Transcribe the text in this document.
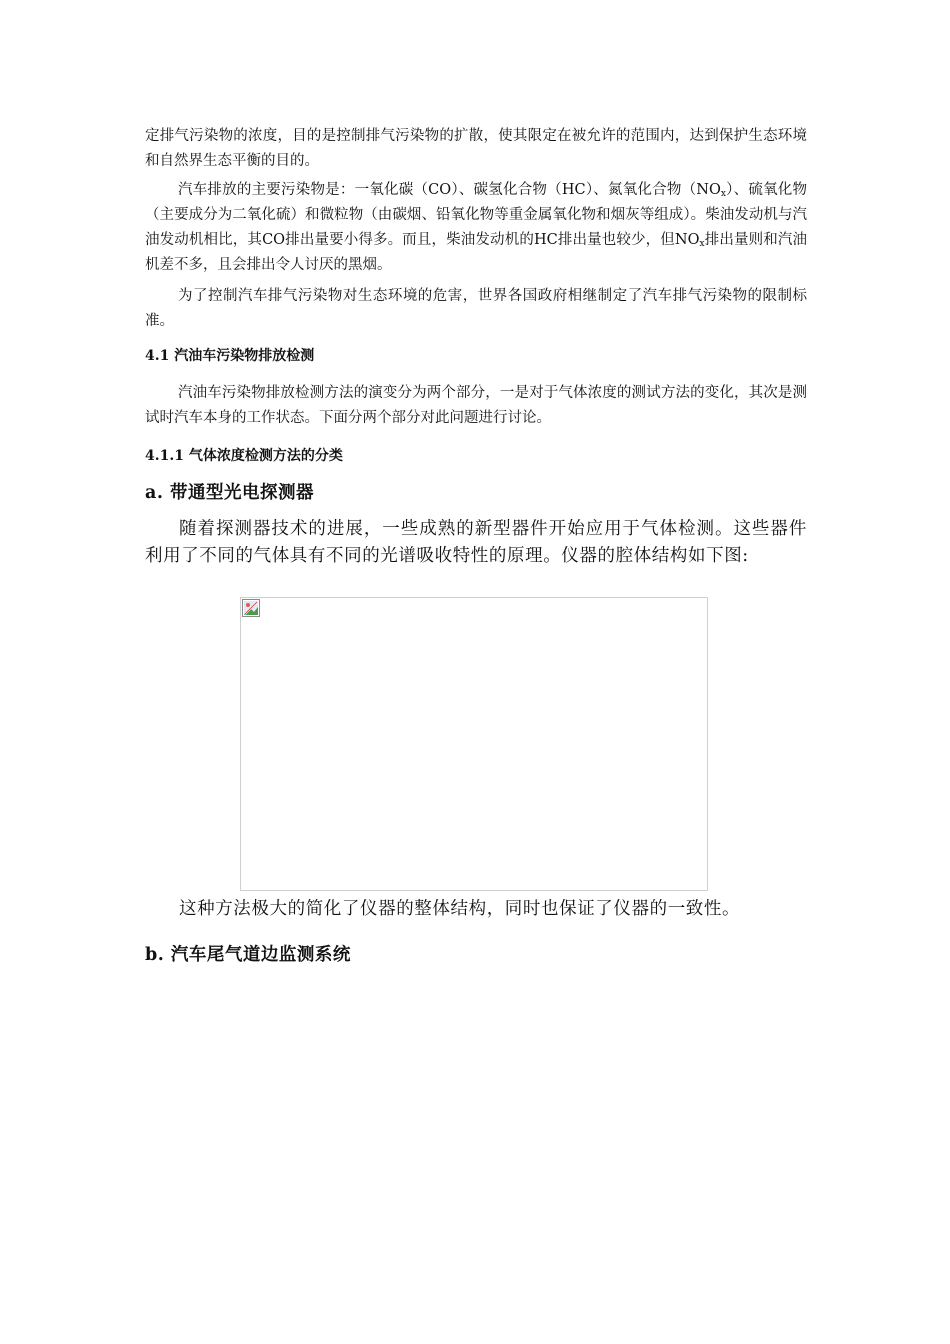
定排气污染物的浓度，目的是控制排气污染物的扩散，使其限定在被允许的范围内，达到保护生态环境和自然界生态平衡的目的。

汽车排放的主要污染物是：一氧化碳（CO）、碳氢化合物（HC）、氮氧化合物$(NO_x)$、硫氧化物（主要成分为二氧化硫）和微粒物（由碳烟、铅氧化物等重金属氧化物和烟灰等组成）。柴油发动机与汽油发动机相比，其CO排出量要小得多。而且，柴油发动机的HC排出量也较少，但$NO_x$排出量则和汽油机差不多，且会排出令人讨厌的黑烟。

为了控制汽车排气污染物对生态环境的危害，世界各国政府相继制定了汽车排气污染物的限制标准。

4.1 汽油车污染物排放检测

汽油车污染物排放检测方法的演变分为两个部分，一是对于气体浓度的测试方法的变化，其次是测试时汽车本身的工作状态。下面分两个部分对此问题进行讨论。

4.1.1 气体浓度检测方法的分类
a. 带通型光电探测器

随着探测器技术的进展，一些成熟的新型器件开始应用于气体检测。这些器件利用了不同的气体具有不同的光谱吸收特性的原理。仪器的腔体结构如下图:

这种方法极大的简化了仪器的整体结构，同时也保证了仪器的一致性。

b. 汽车尾气道边监测系统
